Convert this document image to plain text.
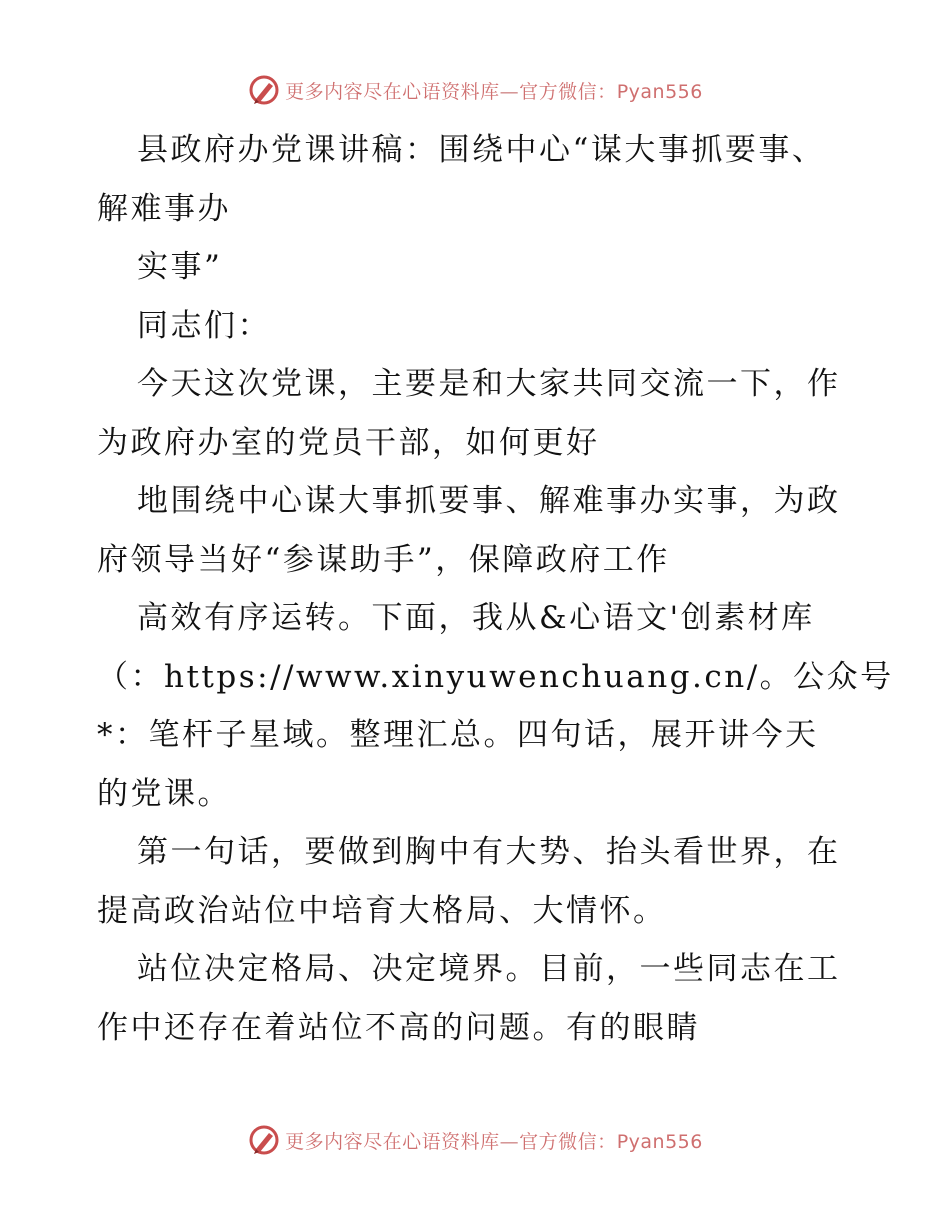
更多内容尽在心语资料库—官方微信：Pyan556

县政府办党课讲稿：围绕中心“谋大事抓要事、
解难事办
实事”
同志们：
今天这次党课，主要是和大家共同交流一下，作
为政府办室的党员干部，如何更好
地围绕中心谋大事抓要事、解难事办实事，为政
府领导当好“参谋助手”，保障政府工作
高效有序运转。下面，我从&心语文'创素材库
（：https://www.xinyuwenchuang.cn/。公众号
*：笔杆子星域。整理汇总。四句话，展开讲今天
的党课。
第一句话，要做到胸中有大势、抬头看世界，在
提高政治站位中培育大格局、大情怀。
站位决定格局、决定境界。目前，一些同志在工
作中还存在着站位不高的问题。有的眼睛

更多内容尽在心语资料库—官方微信：Pyan556
